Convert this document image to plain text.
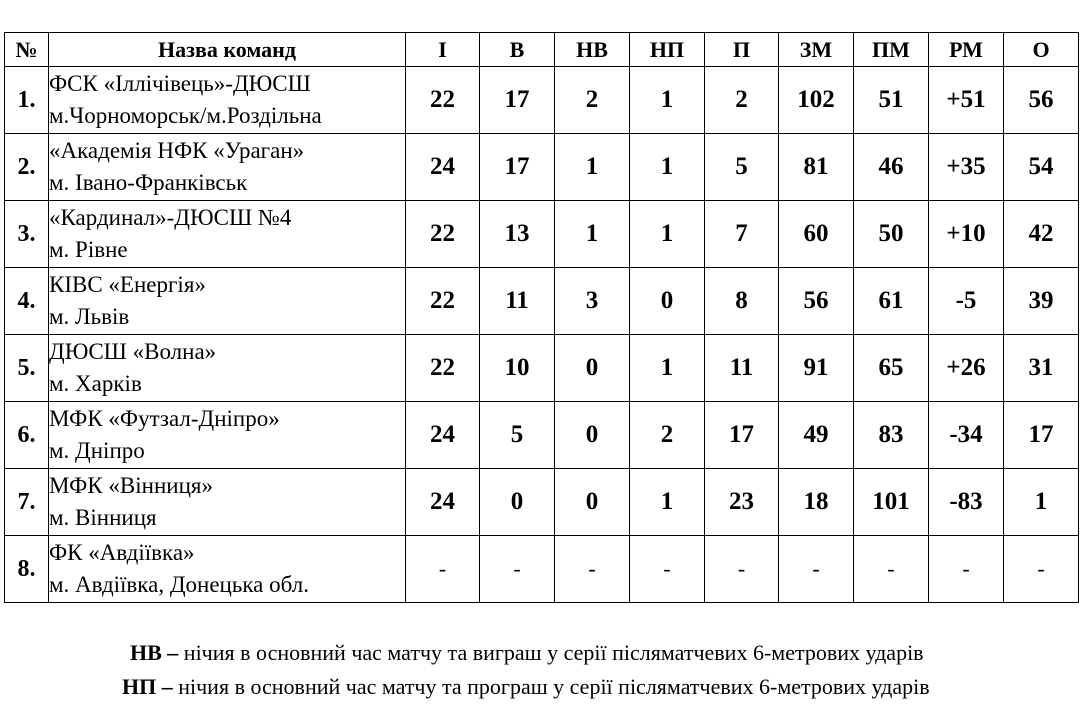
№	Назва команд	І	В	НВ	НП	П	ЗМ	ПМ	РМ	О
1.	ФСК «Іллічівець»-ДЮСШ
м.Чорноморськ/м.Роздільна	22	17	2	1	2	102	51	+51	56
2.	«Академія НФК «Ураган»
м. Івано-Франківськ	24	17	1	1	5	81	46	+35	54
3.	«Кардинал»-ДЮСШ №4
м. Рівне	22	13	1	1	7	60	50	+10	42
4.	КІВС «Енергія»
м. Львів	22	11	3	0	8	56	61	-5	39
5.	ДЮСШ «Волна»
м. Харків	22	10	0	1	11	91	65	+26	31
6.	МФК «Футзал-Дніпро»
м. Дніпро	24	5	0	2	17	49	83	-34	17
7.	МФК «Вінниця»
м. Вінниця	24	0	0	1	23	18	101	-83	1
8.	ФК «Авдіївка»
м. Авдіївка, Донецька обл.	-	-	-	-	-	-	-	-	-
НВ – нічия в основний час матчу та виграш у серії післяматчевих 6-метрових ударів
НП – нічия в основний час матчу та програш у серії післяматчевих 6-метрових ударів
